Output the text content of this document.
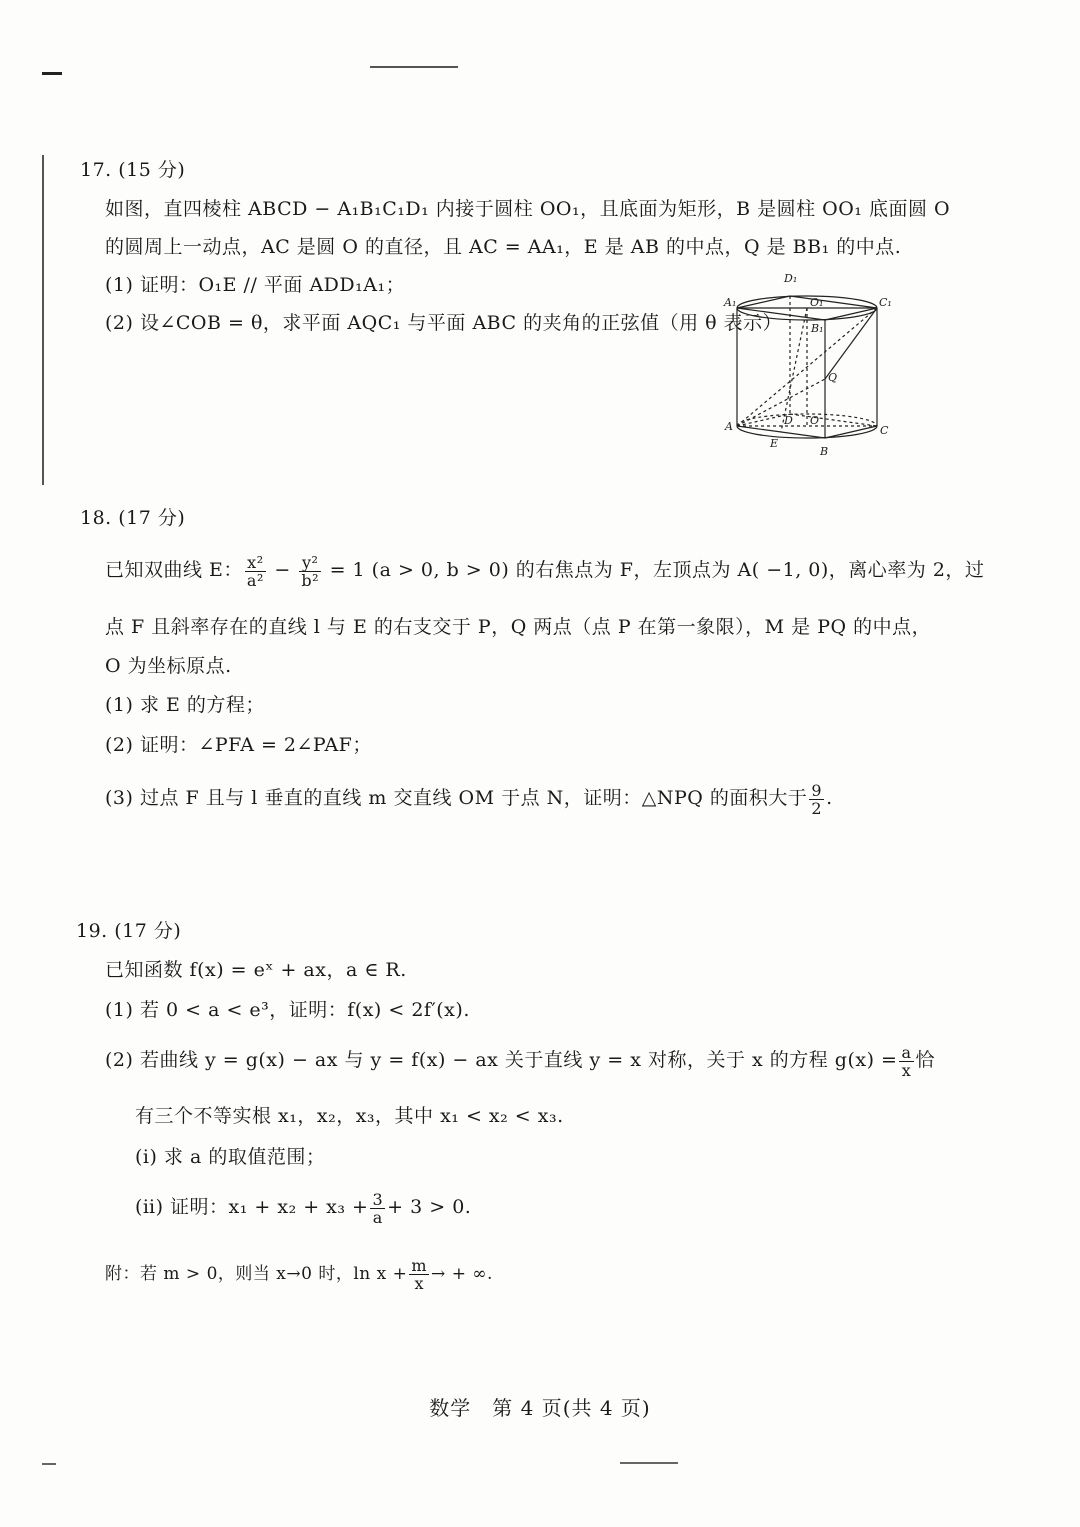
17. (15 分)
如图，直四棱柱 ABCD − A₁B₁C₁D₁ 内接于圆柱 OO₁，且底面为矩形，B 是圆柱 OO₁ 底面圆 O
的圆周上一动点，AC 是圆 O 的直径，且 AC = AA₁，E 是 AB 的中点，Q 是 BB₁ 的中点.
(1) 证明：O₁E // 平面 ADD₁A₁；
(2) 设∠COB = θ，求平面 AQC₁ 与平面 ABC 的夹角的正弦值（用 θ 表示）
D₁
A₁	O₁	C₁
B₁
Q
A	D O
E
B
C
18. (17 分)
已知双曲线 E： $\frac{\text{x²}}{\text{a²}} - \frac{\text{y²}}{\text{b²}} = 1$ (a > 0, b > 0) 的右焦点为 F，左顶点为 A( −1, 0)，离心率为 2，过
点 F 且斜率存在的直线 l 与 E 的右支交于 P，Q 两点（点 P 在第一象限），M 是 PQ 的中点，
O 为坐标原点.
(1) 求 E 的方程；
(2) 证明：∠PFA = 2∠PAF；
(3) 过点 F 且与 l 垂直的直线 m 交直线 OM 于点 N，证明：△NPQ 的面积大于 $\frac{9}{2}$ .
19. (17 分)
已知函数 f(x) = eˣ + ax，a ∈ R.
(1) 若 0 < a < e³，证明：f(x) < 2f′(x).
(2) 若曲线 y = g(x) − ax 与 y = f(x) − ax 关于直线 y = x 对称，关于 x 的方程 $g(x) = \frac{a}{x}$ 恰
有三个不等实根 x₁，x₂，x₃，其中 x₁ < x₂ < x₃.
(ⅰ) 求 a 的取值范围；
(ⅱ) 证明：$x_1 + x_2 + x_3 + \frac{3}{a} + 3 > 0$.
附：若 m > 0，则当 x→0 时，$\ln x + \frac{m}{x}$ → + ∞.
数学　第 4 页(共 4 页)
